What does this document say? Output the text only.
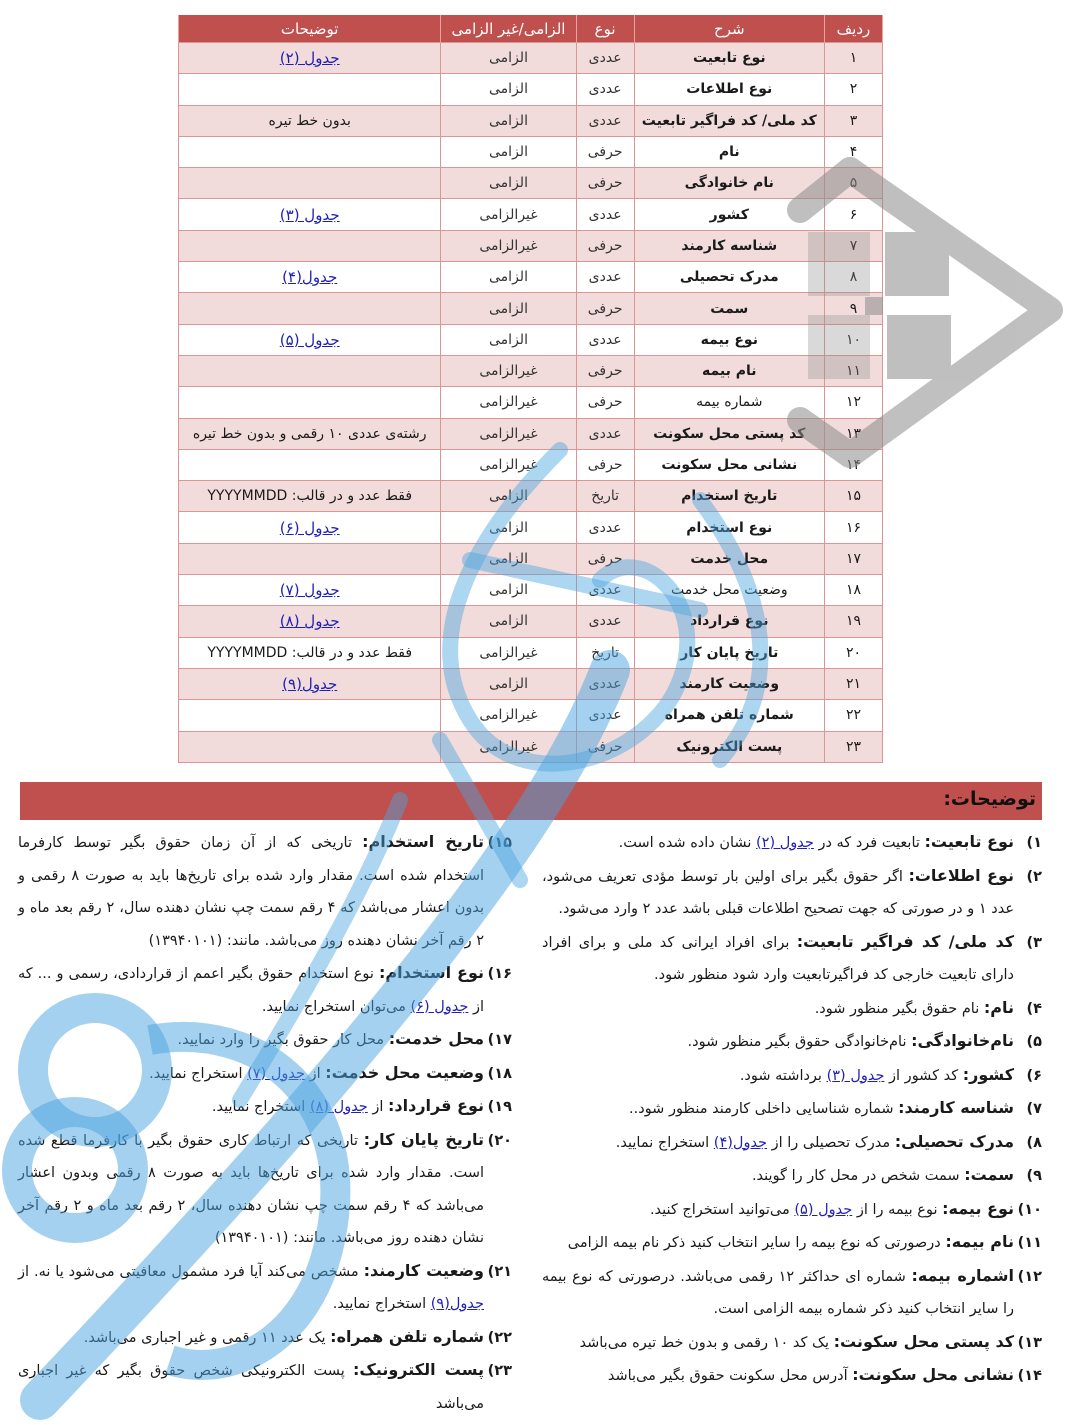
ردیف	شرح	نوع	الزامی/غیر الزامی	توضیحات
۱	نوع تابعیت	عددی	الزامی	جدول (۲)
۲	نوع اطلاعات	عددی	الزامی	
۳	کد ملی/ کد فراگیر تابعیت	عددی	الزامی	بدون خط تیره
۴	نام	حرفی	الزامی	
۵	نام خانوادگی	حرفی	الزامی	
۶	کشور	عددی	غیرالزامی	جدول (۳)
۷	شناسه کارمند	حرفی	غیرالزامی	
۸	مدرک تحصیلی	عددی	الزامی	جدول(۴)
۹	سمت	حرفی	الزامی	
۱۰	نوع بیمه	عددی	الزامی	جدول (۵)
۱۱	نام بیمه	حرفی	غیرالزامی	
۱۲	شماره بیمه	حرفی	غیرالزامی	
۱۳	کد پستی محل سکونت	عددی	غیرالزامی	رشته‌ی عددی ۱۰ رقمی و بدون خط تیره
۱۴	نشانی محل سکونت	حرفی	غیرالزامی	
۱۵	تاریخ استخدام	تاریخ	الزامی	فقط عدد و در قالب: YYYYMMDD
۱۶	نوع استخدام	عددی	الزامی	جدول (۶)
۱۷	محل خدمت	حرفی	الزامی	
۱۸	وضعیت محل خدمت	عددی	الزامی	جدول (۷)
۱۹	نوع قرارداد	عددی	الزامی	جدول (۸)
۲۰	تاریخ پایان کار	تاریخ	غیرالزامی	فقط عدد و در قالب: YYYYMMDD
۲۱	وضعیت کارمند	عددی	الزامی	جدول(۹)
۲۲	شماره تلفن همراه	عددی	غیرالزامی	
۲۳	پست الکترونیک	حرفی	غیرالزامی	
توضیحات:

۱)نوع تابعیت: تابعیت فرد که در جدول (۲) نشان داده شده است.

۲)نوع اطلاعات: اگر حقوق بگیر برای اولین بار توسط مؤدی تعریف می‌شود، عدد ۱ و در صورتی که جهت تصحیح اطلاعات قبلی باشد عدد ۲ وارد می‌شود.

۳)کد ملی/ کد فراگیر تابعیت: برای افراد ایرانی کد ملی و برای افراد دارای تابعیت خارجی کد فراگیرتابعیت وارد شود منظور شود.

۴)نام: نام حقوق بگیر منظور شود.

۵)نام‌خانوادگی: نام‌خانوادگی حقوق بگیر منظور شود.

۶)کشور: کد کشور از جدول (۳) برداشته شود.

۷)شناسه کارمند: شماره شناسایی داخلی کارمند منظور شود..

۸)مدرک تحصیلی: مدرک تحصیلی را از جدول(۴) استخراج نمایید.

۹)سمت: سمت شخص در محل کار را گویند.

۱۰)نوع بیمه: نوع بیمه را از جدول (۵) می‌توانید استخراج کنید.

۱۱)نام بیمه: درصورتی که نوع بیمه را سایر انتخاب کنید ذکر نام بیمه الزامی

۱۲)اشماره بیمه: شماره ای حداکثر ۱۲ رقمی می‌باشد. درصورتی که نوع بیمه را سایر انتخاب کنید ذکر شماره بیمه الزامی است.

۱۳)کد پستی محل سکونت: یک کد ۱۰ رقمی و بدون خط تیره می‌باشد

۱۴)نشانی محل سکونت: آدرس محل سکونت حقوق بگیر می‌باشد

۱۵)تاریخ استخدام: تاریخی که از آن زمان حقوق بگیر توسط کارفرما استخدام شده است. مقدار وارد شده برای تاریخ‌ها باید به صورت ۸ رقمی و بدون اعشار می‌باشد که ۴ رقم سمت چپ نشان دهنده سال، ۲ رقم بعد ماه و ۲ رقم آخر نشان دهنده روز می‌باشد. مانند: (۱۳۹۴۰۱۰۱)

۱۶)نوع استخدام: نوع استخدام حقوق بگیر اعمم از قراردادی، رسمی و ... که از جدول (۶) می‌توان استخراج نمایید.

۱۷)محل خدمت: محل کار حقوق بگیر را وارد نمایید.

۱۸)وضعیت محل خدمت: از جدول (۷) استخراج نمایید.

۱۹)نوع قرارداد: از جدول (۸) استخراج نمایید.

۲۰)تاریخ پایان کار: تاریخی که ارتباط کاری حقوق بگیر با کارفرما قطع شده است. مقدار وارد شده برای تاریخ‌ها باید به صورت ۸ رقمی وبدون اعشار می‌باشد که ۴ رقم سمت چپ نشان دهنده سال، ۲ رقم بعد ماه و ۲ رقم آخر نشان دهنده روز می‌باشد. مانند: (۱۳۹۴۰۱۰۱)

۲۱)وضعیت کارمند: مشخص می‌کند آیا فرد مشمول معافیتی می‌شود یا نه. از جدول(۹) استخراج نمایید.

۲۲)شماره تلفن همراه: یک عدد ۱۱ رقمی و غیر اجباری می‌باشد.

۲۳)پست الکترونیک: پست الکترونیکی شخص حقوق بگیر که غیر اجباری می‌باشد
